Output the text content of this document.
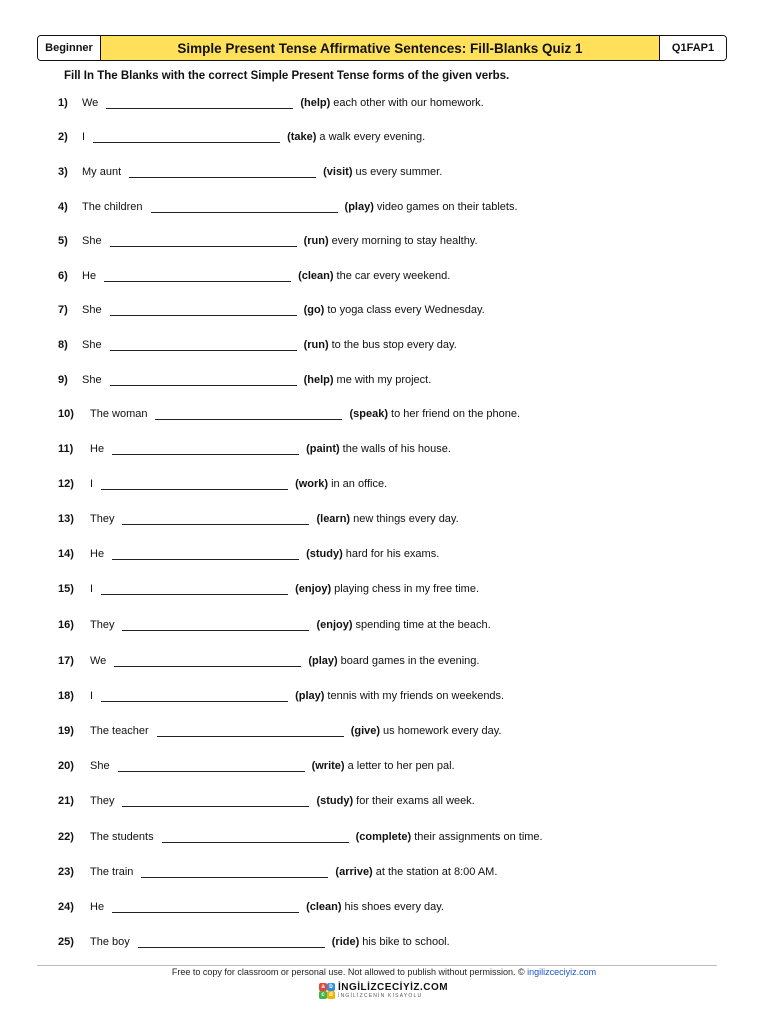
Beginner	Simple Present Tense Affirmative Sentences: Fill-Blanks Quiz 1	Q1FAP1
Fill In The Blanks with the correct Simple Present Tense forms of the given verbs.
1)	We	(help) each other with our homework.
2)	I	(take) a walk every evening.
3)	My aunt	(visit) us every summer.
4)	The children	(play) video games on their tablets.
5)	She	(run) every morning to stay healthy.
6)	He	(clean) the car every weekend.
7)	She	(go) to yoga class every Wednesday.
8)	She	(run) to the bus stop every day.
9)	She	(help) me with my project.
10)	The woman	(speak) to her friend on the phone.
11)	He	(paint) the walls of his house.
12)	I	(work) in an office.
13)	They	(learn) new things every day.
14)	He	(study) hard for his exams.
15)	I	(enjoy) playing chess in my free time.
16)	They	(enjoy) spending time at the beach.
17)	We	(play) board games in the evening.
18)	I	(play) tennis with my friends on weekends.
19)	The teacher	(give) us homework every day.
20)	She	(write) a letter to her pen pal.
21)	They	(study) for their exams all week.
22)	The students	(complete) their assignments on time.
23)	The train	(arrive) at the station at 8:00 AM.
24)	He	(clean) his shoes every day.
25)	The boy	(ride) his bike to school.
Free to copy for classroom or personal use. Not allowed to publish without permission. © ingilizceciyiz.com
a b
c d
İNGİLİZCECİYİZ.COM
İNGİLİZCENİN KISAYOLU
